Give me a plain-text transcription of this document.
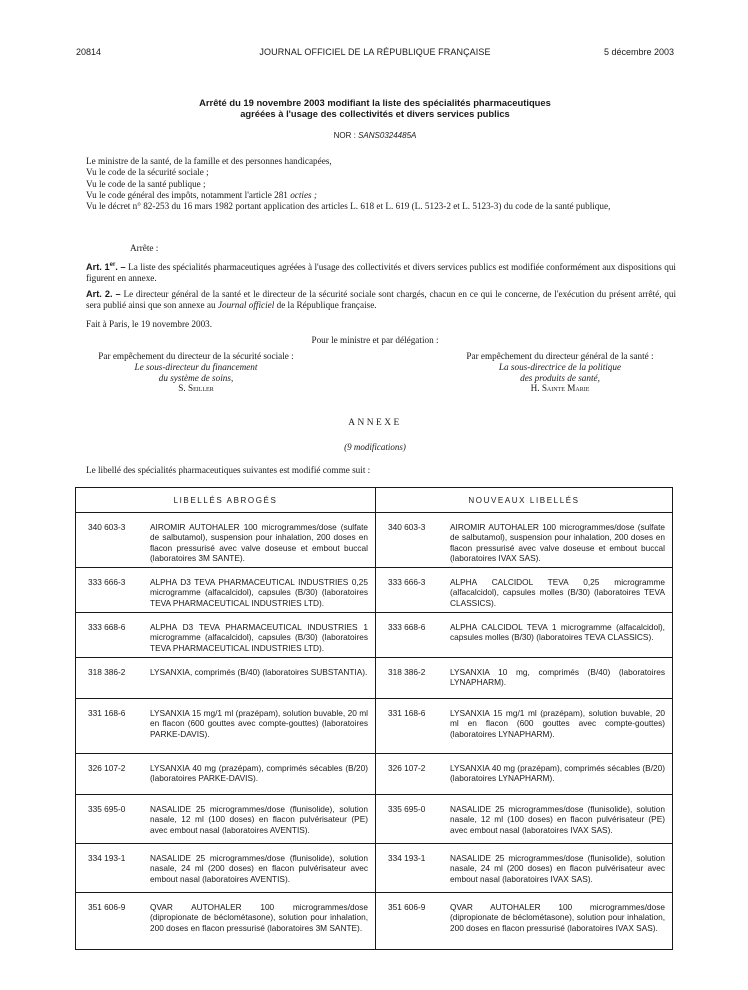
20814	JOURNAL OFFICIEL DE LA RÉPUBLIQUE FRANÇAISE	5 décembre 2003
Arrêté du 19 novembre 2003 modifiant la liste des spécialités pharmaceutiques
agréées à l'usage des collectivités et divers services publics
NOR : SANS0324485A
Le ministre de la santé, de la famille et des personnes handicapées,
Vu le code de la sécurité sociale ;
Vu le code de la santé publique ;
Vu le code général des impôts, notamment l'article 281 octies ;
Vu le décret n° 82-253 du 16 mars 1982 portant application des articles L. 618 et L. 619 (L. 5123-2 et L. 5123-3) du code de la santé publique,
Arrête :
Art. 1er. – La liste des spécialités pharmaceutiques agréées à l'usage des collectivités et divers services publics est modifiée conformément aux dispositions qui figurent en annexe.
Art. 2. – Le directeur général de la santé et le directeur de la sécurité sociale sont chargés, chacun en ce qui le concerne, de l'exécution du présent arrêté, qui sera publié ainsi que son annexe au Journal officiel de la République française.
Fait à Paris, le 19 novembre 2003.
Pour le ministre et par délégation :
Par empêchement du directeur de la sécurité sociale :
Le sous-directeur du financement
du système de soins,
S. Seiller
Par empêchement du directeur général de la santé :
La sous-directrice de la politique
des produits de santé,
H. Sainte Marie
ANNEXE
(9 modifications)
Le libellé des spécialités pharmaceutiques suivantes est modifié comme suit :
LIBELLÉS ABROGÉS	NOUVEAUX LIBELLÉS

340 603-3 AIROMIR AUTOHALER 100 microgrammes/dose (sulfate de salbutamol), suspension pour inhalation, 200 doses en flacon pressurisé avec valve doseuse et embout buccal (laboratoires 3M SANTE).	340 603-3 AIROMIR AUTOHALER 100 microgrammes/dose (sulfate de salbutamol), suspension pour inhalation, 200 doses en flacon pressurisé avec valve doseuse et embout buccal (laboratoires IVAX SAS).

333 666-3 ALPHA D3 TEVA PHARMACEUTICAL INDUSTRIES 0,25 microgramme (alfacalcidol), capsules (B/30) (laboratoires TEVA PHARMACEUTICAL INDUSTRIES LTD).	333 666-3 ALPHA CALCIDOL TEVA 0,25 microgramme (alfacalcidol), capsules molles (B/30) (laboratoires TEVA CLASSICS).

333 668-6 ALPHA D3 TEVA PHARMACEUTICAL INDUSTRIES 1 microgramme (alfacalcidol), capsules (B/30) (laboratoires TEVA PHARMACEUTICAL INDUSTRIES LTD).	333 668-6 ALPHA CALCIDOL TEVA 1 microgramme (alfacalcidol), capsules molles (B/30) (laboratoires TEVA CLASSICS).

318 386-2 LYSANXIA, comprimés (B/40) (laboratoires SUBSTANTIA).	318 386-2 LYSANXIA 10 mg, comprimés (B/40) (laboratoires LYNAPHARM).

331 168-6 LYSANXIA 15 mg/1 ml (prazépam), solution buvable, 20 ml en flacon (600 gouttes avec compte-gouttes) (laboratoires PARKE-DAVIS).	331 168-6 LYSANXIA 15 mg/1 ml (prazépam), solution buvable, 20 ml en flacon (600 gouttes avec compte-gouttes) (laboratoires LYNAPHARM).

326 107-2 LYSANXIA 40 mg (prazépam), comprimés sécables (B/20) (laboratoires PARKE-DAVIS).	326 107-2 LYSANXIA 40 mg (prazépam), comprimés sécables (B/20) (laboratoires LYNAPHARM).

335 695-0 NASALIDE 25 microgrammes/dose (flunisolide), solution nasale, 12 ml (100 doses) en flacon pulvérisateur (PE) avec embout nasal (laboratoires AVENTIS).	335 695-0 NASALIDE 25 microgrammes/dose (flunisolide), solution nasale, 12 ml (100 doses) en flacon pulvérisateur (PE) avec embout nasal (laboratoires IVAX SAS).

334 193-1 NASALIDE 25 microgrammes/dose (flunisolide), solution nasale, 24 ml (200 doses) en flacon pulvérisateur avec embout nasal (laboratoires AVENTIS).	334 193-1 NASALIDE 25 microgrammes/dose (flunisolide), solution nasale, 24 ml (200 doses) en flacon pulvérisateur avec embout nasal (laboratoires IVAX SAS).

351 606-9 QVAR AUTOHALER 100 microgrammes/dose (dipropionate de béclométasone), solution pour inhalation, 200 doses en flacon pressurisé (laboratoires 3M SANTE).	351 606-9 QVAR AUTOHALER 100 microgrammes/dose (dipropionate de béclométasone), solution pour inhalation, 200 doses en flacon pressurisé (laboratoires IVAX SAS).
